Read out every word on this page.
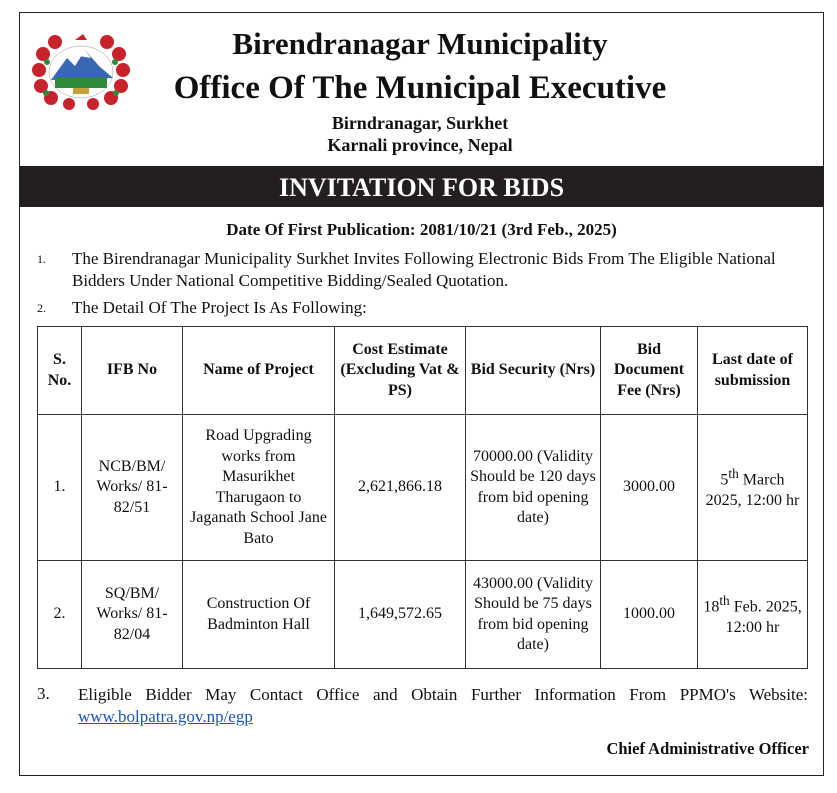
Birendranagar Municipality
Office Of The Municipal Executive
Birndranagar, Surkhet
Karnali province, Nepal
INVITATION FOR BIDS
Date Of First Publication: 2081/10/21 (3rd Feb., 2025)
1. The Birendranagar Municipality Surkhet Invites Following Electronic Bids From The Eligible National Bidders Under National Competitive Bidding/Sealed Quotation.
2. The Detail Of The Project Is As Following:
S. No.	IFB No	Name of Project	Cost Estimate (Excluding Vat & PS)	Bid Security (Nrs)	Bid Document Fee (Nrs)	Last date of submission
1.	NCB/BM/ Works/ 81-82/51	Road Upgrading works from Masurikhet Tharugaon to Jaganath School Jane Bato	2,621,866.18	70000.00 (Validity Should be 120 days from bid opening date)	3000.00	5th March 2025, 12:00 hr
2.	SQ/BM/ Works/ 81-82/04	Construction Of Badminton Hall	1,649,572.65	43000.00 (Validity Should be 75 days from bid opening date)	1000.00	18th Feb. 2025, 12:00 hr
3. Eligible Bidder May Contact Office and Obtain Further Information From PPMO's Website: www.bolpatra.gov.np/egp
Chief Administrative Officer
